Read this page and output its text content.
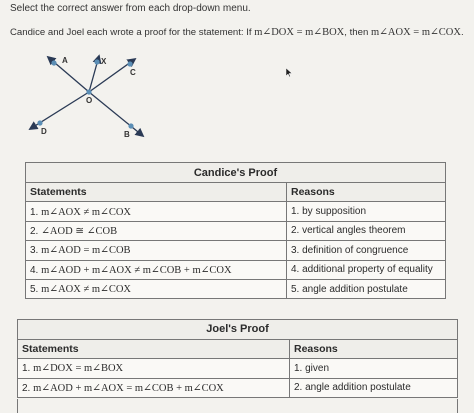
Select the correct answer from each drop-down menu.
Candice and Joel each wrote a proof for the statement: If m∠DOX = m∠BOX, then m∠AOX = m∠COX.
A	X
C
O
D	B
Candice's Proof	
Statements	Reasons
1. m∠AOX ≠ m∠COX	1. by supposition
2. ∠AOD ≅ ∠COB	2. vertical angles theorem
3. m∠AOD = m∠COB	3. definition of congruence
4. m∠AOD + m∠AOX ≠ m∠COB + m∠COX	4. additional property of equality
5. m∠AOX ≠ m∠COX	5. angle addition postulate
Joel's Proof	
Statements	Reasons
1. m∠DOX = m∠BOX	1. given
2. m∠AOD + m∠AOX = m∠COB + m∠COX	2. angle addition postulate
